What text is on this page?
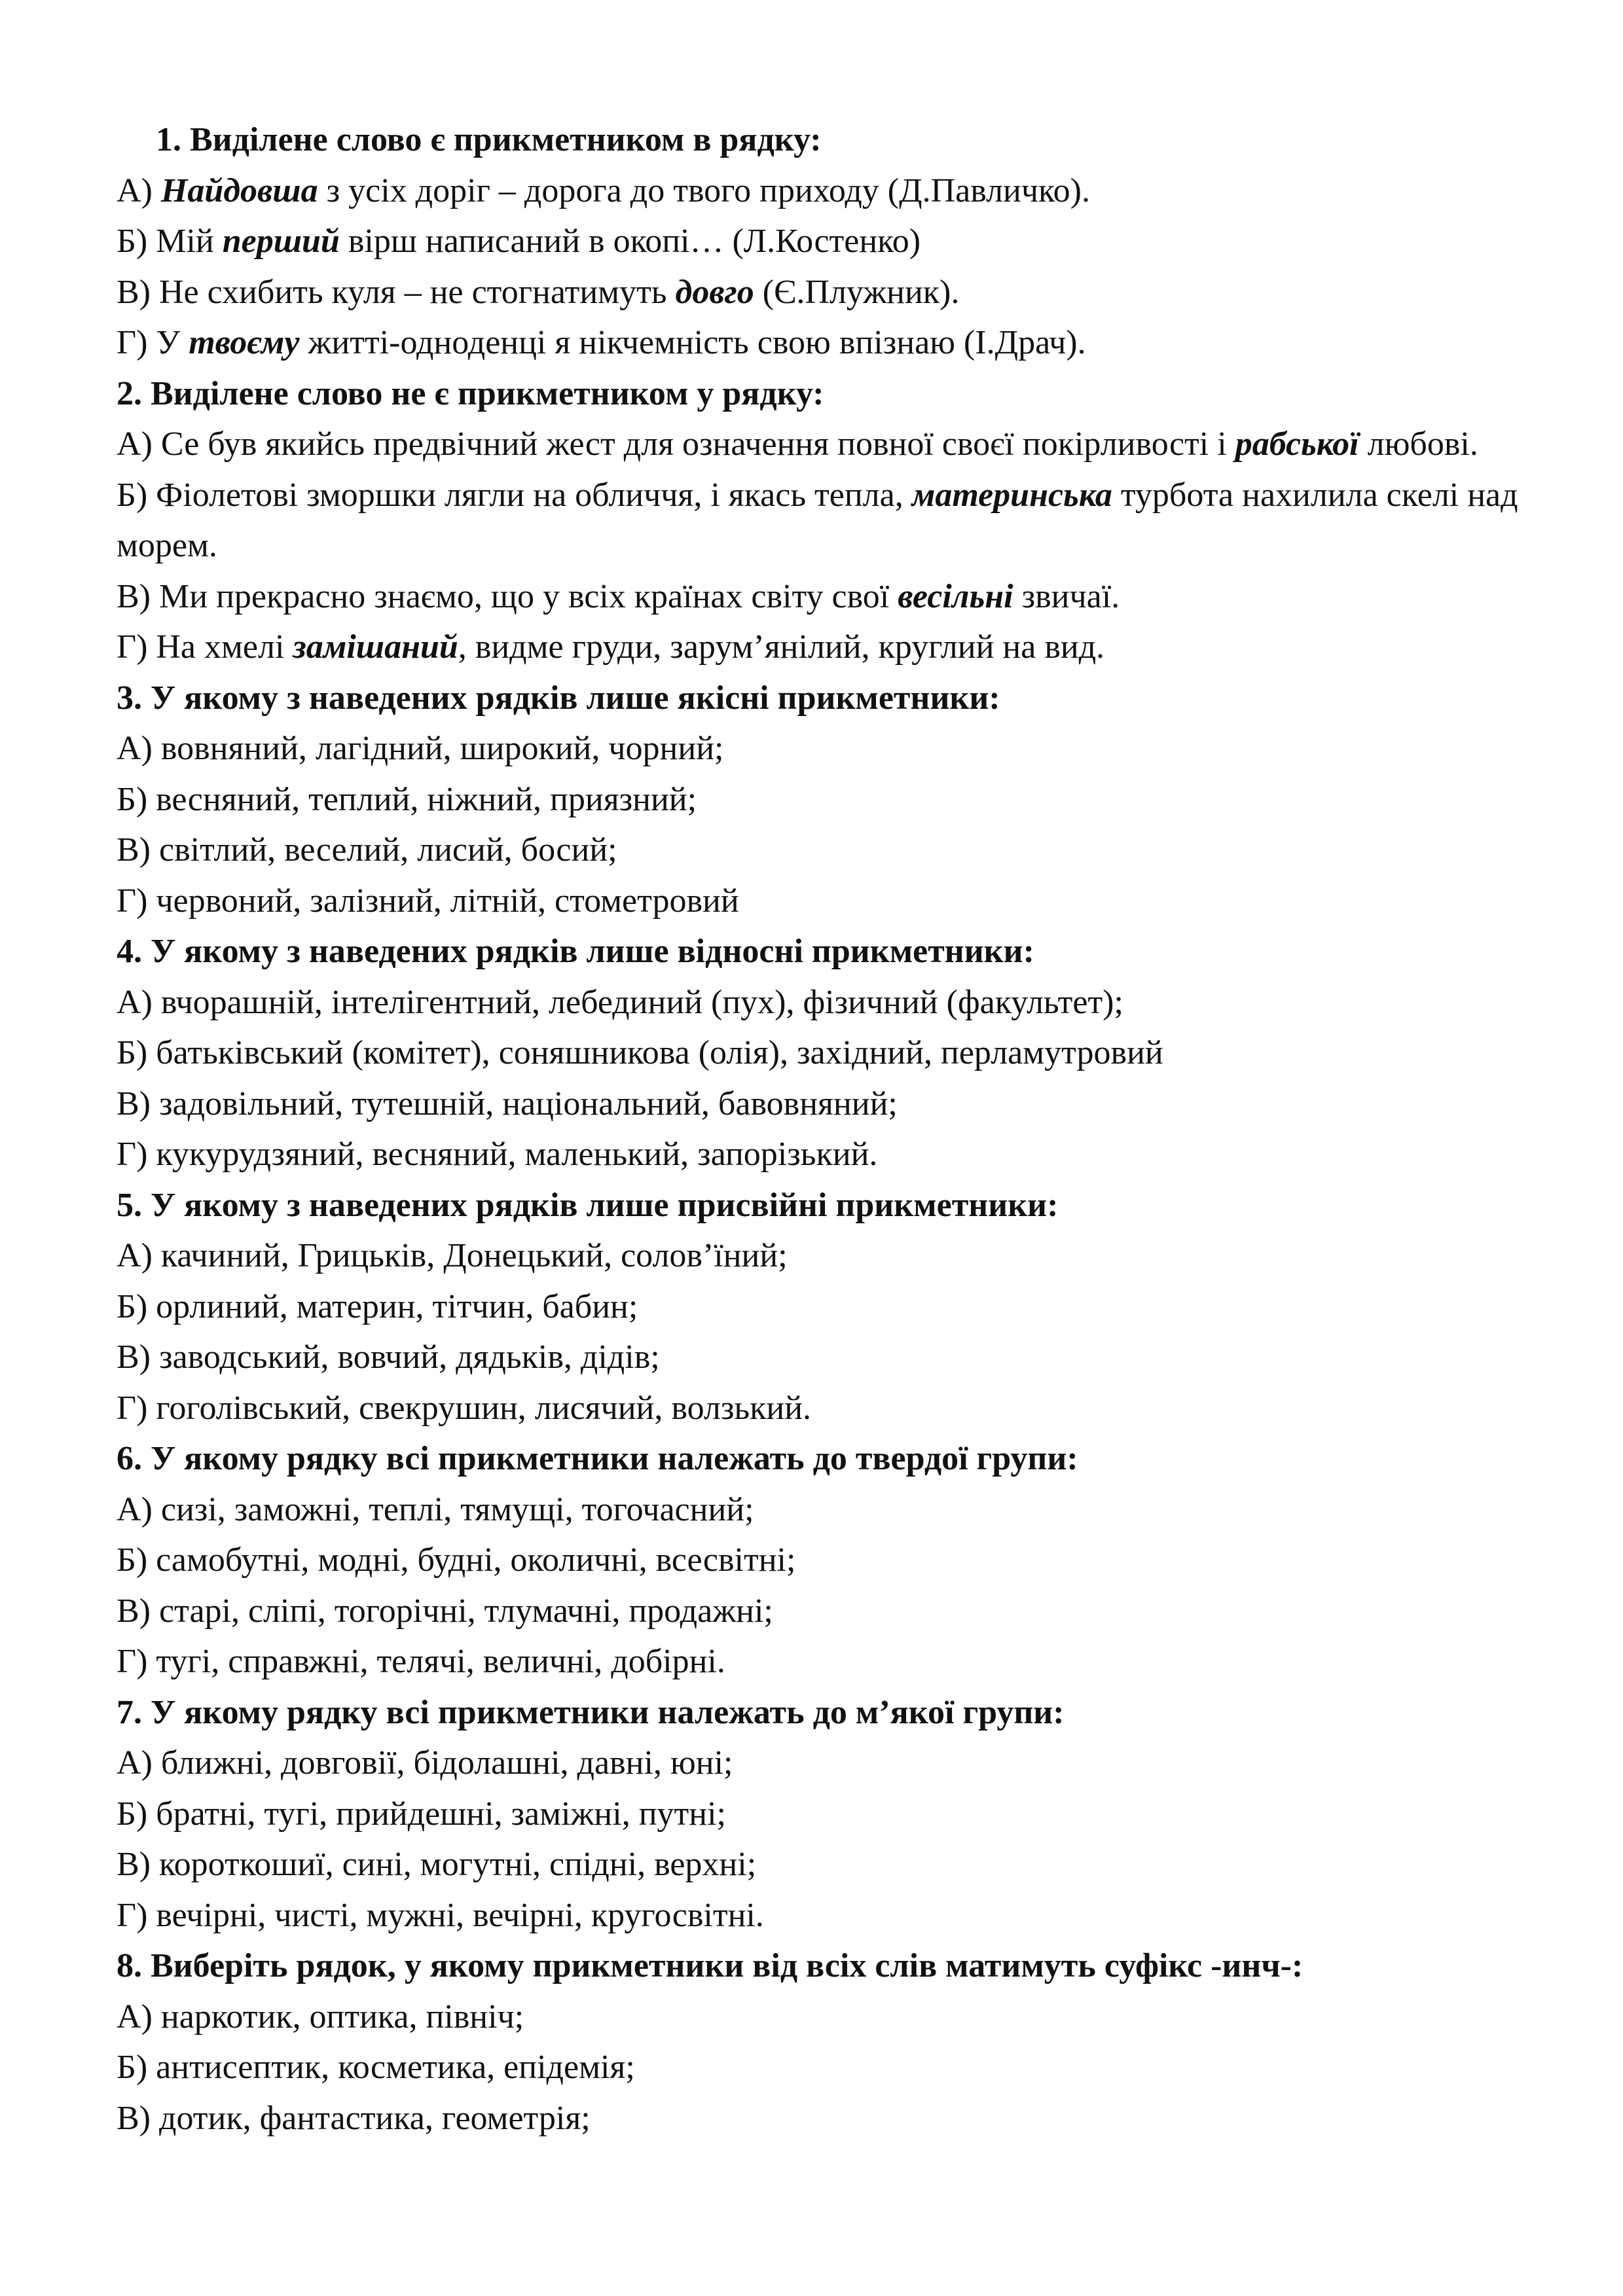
1. Виділене слово є прикметником в рядку:
А) Найдовша з усіх доріг – дорога до твого приходу (Д.Павличко).
Б) Мій перший вірш написаний в окопі… (Л.Костенко)
В) Не схибить куля – не стогнатимуть довго (Є.Плужник).
Г) У твоєму життi-одноденці я нікчемність свою впізнаю (І.Драч).
2. Виділене слово не є прикметником у рядку:
А) Се був якийсь предвічний жест для означення повної своєї покірливості і рабської любові.
Б) Фіолетові зморшки лягли на обличчя, і якась тепла, материнська турбота нахилила скелі над морем.
В) Ми прекрасно знаємо, що у всіх країнах світу свої весільні звичаї.
Г) На хмелі замішаний, видме груди, зарум’янілий, круглий на вид.
3. У якому з наведених рядків лише якісні прикметники:
А) вовняний, лагідний, широкий, чорний;
Б) весняний, теплий, ніжний, приязний;
В) світлий, веселий, лисий, босий;
Г) червоний, залізний, літній, стометровий
4. У якому з наведених рядків лише відносні прикметники:
А) вчорашній, інтелігентний, лебединий (пух), фізичний (факультет);
Б) батьківський (комітет), соняшникова (олія), західний, перламутровий
В) задовільний, тутешній, національний, бавовняний;
Г) кукурудзяний, весняний, маленький, запорізький.
5. У якому з наведених рядків лише присвійні прикметники:
А) качиний, Грицьків, Донецький, солов’їний;
Б) орлиний, материн, тітчин, бабин;
В) заводський, вовчий, дядьків, дідів;
Г) гоголівський, свекрушин, лисячий, волзький.
6. У якому рядку всі прикметники належать до твердої групи:
А) сизі, заможні, теплі, тямущі, тогочасний;
Б) самобутні, модні, будні, околичні, всесвітні;
В) старі, сліпі, тогорічні, тлумачні, продажні;
Г) тугі, справжні, телячі, величні, добірні.
7. У якому рядку всі прикметники належать до м’якої групи:
А) ближні, довговії, бідолашні, давні, юні;
Б) братні, тугі, прийдешні, заміжні, путні;
В) короткошиї, сині, могутні, спідні, верхні;
Г) вечірні, чисті, мужні, вечірні, кругосвітні.
8. Виберіть рядок, у якому прикметники від всіх слів матимуть суфікс -инч-:
А) наркотик, оптика, північ;
Б) антисептик, косметика, епідемія;
В) дотик, фантастика, геометрія;
